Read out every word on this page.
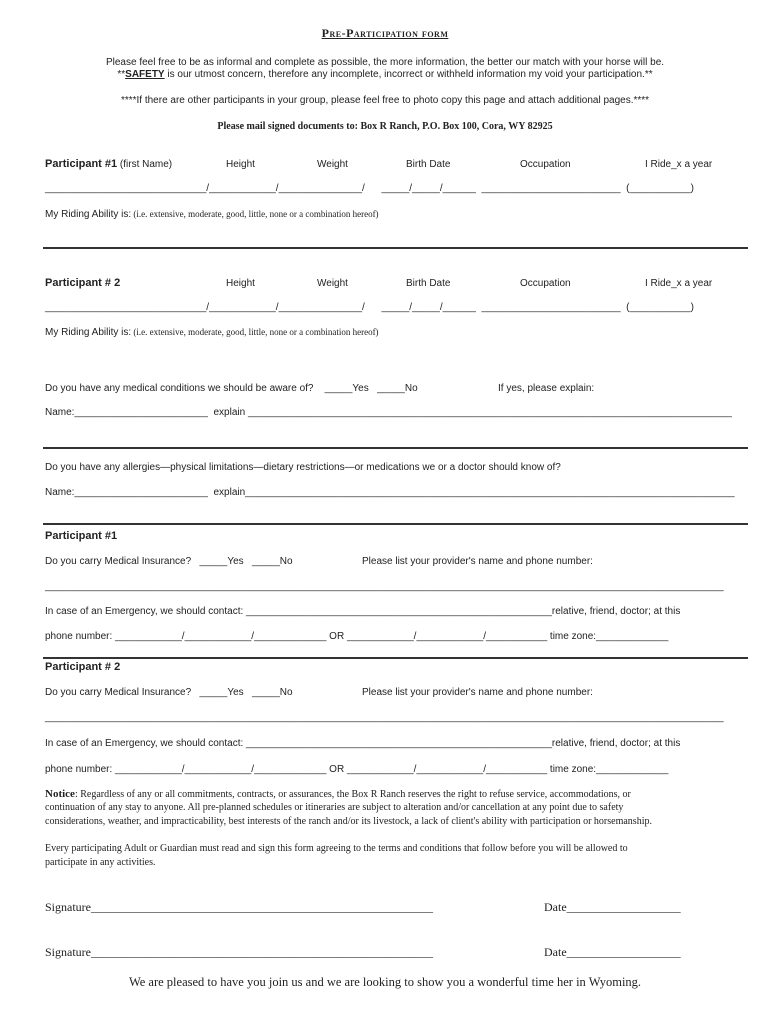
Pre-Participation form
Please feel free to be as informal and complete as possible, the more information, the better our match with your horse will be.
**SAFETY is our utmost concern, therefore any incomplete, incorrect or withheld information my void your participation.**
****If there are other participants in your group, please feel free to photo copy this page and attach additional pages.****
Please mail signed documents to: Box R Ranch, P.O. Box 100, Cora, WY 82925
Participant #1 (first Name)	Height	Weight	Birth Date	Occupation	I Ride_x a year
_____________________________/____________/_______________/      _____/_____/______  _________________________  (___________)
My Riding Ability is: (i.e. extensive, moderate, good, little, none or a combination hereof)
Participant # 2	Height	Weight	Birth Date	Occupation	I Ride_x a year
_____________________________/____________/_______________/      _____/_____/______  _________________________  (___________)
My Riding Ability is: (i.e. extensive, moderate, good, little, none or a combination hereof)
Do you have any medical conditions we should be aware of?    _____Yes   _____No	If yes, please explain:
Name:________________________  explain _______________________________________________________________________________________
Do you have any allergies—physical limitations—dietary restrictions—or medications we or a doctor should know of?
Name:________________________  explain________________________________________________________________________________________
Participant #1
Do you carry Medical Insurance?   _____Yes   _____No	Please list your provider's name and phone number:
__________________________________________________________________________________________________________________________
In case of an Emergency, we should contact: _______________________________________________________relative, friend, doctor; at this
phone number: ____________/____________/_____________ OR ____________/____________/___________ time zone:_____________
Participant # 2
Do you carry Medical Insurance?   _____Yes   _____No	Please list your provider's name and phone number:
__________________________________________________________________________________________________________________________
In case of an Emergency, we should contact: _______________________________________________________relative, friend, doctor; at this
phone number: ____________/____________/_____________ OR ____________/____________/___________ time zone:_____________
Notice: Regardless of any or all commitments, contracts, or assurances, the Box R Ranch reserves the right to refuse service, accommodations, or
continuation of any stay to anyone. All pre-planned schedules or itineraries are subject to alteration and/or cancellation at any point due to safety
considerations, weather, and impracticability, best interests of the ranch and/or its livestock, a lack of client's ability with participation or horsemanship.
Every participating Adult or Guardian must read and sign this form agreeing to the terms and conditions that follow before you will be allowed to
participate in any activities.
Signature_________________________________________________________	Date___________________
Signature_________________________________________________________	Date___________________
We are pleased to have you join us and we are looking to show you a wonderful time her in Wyoming.
